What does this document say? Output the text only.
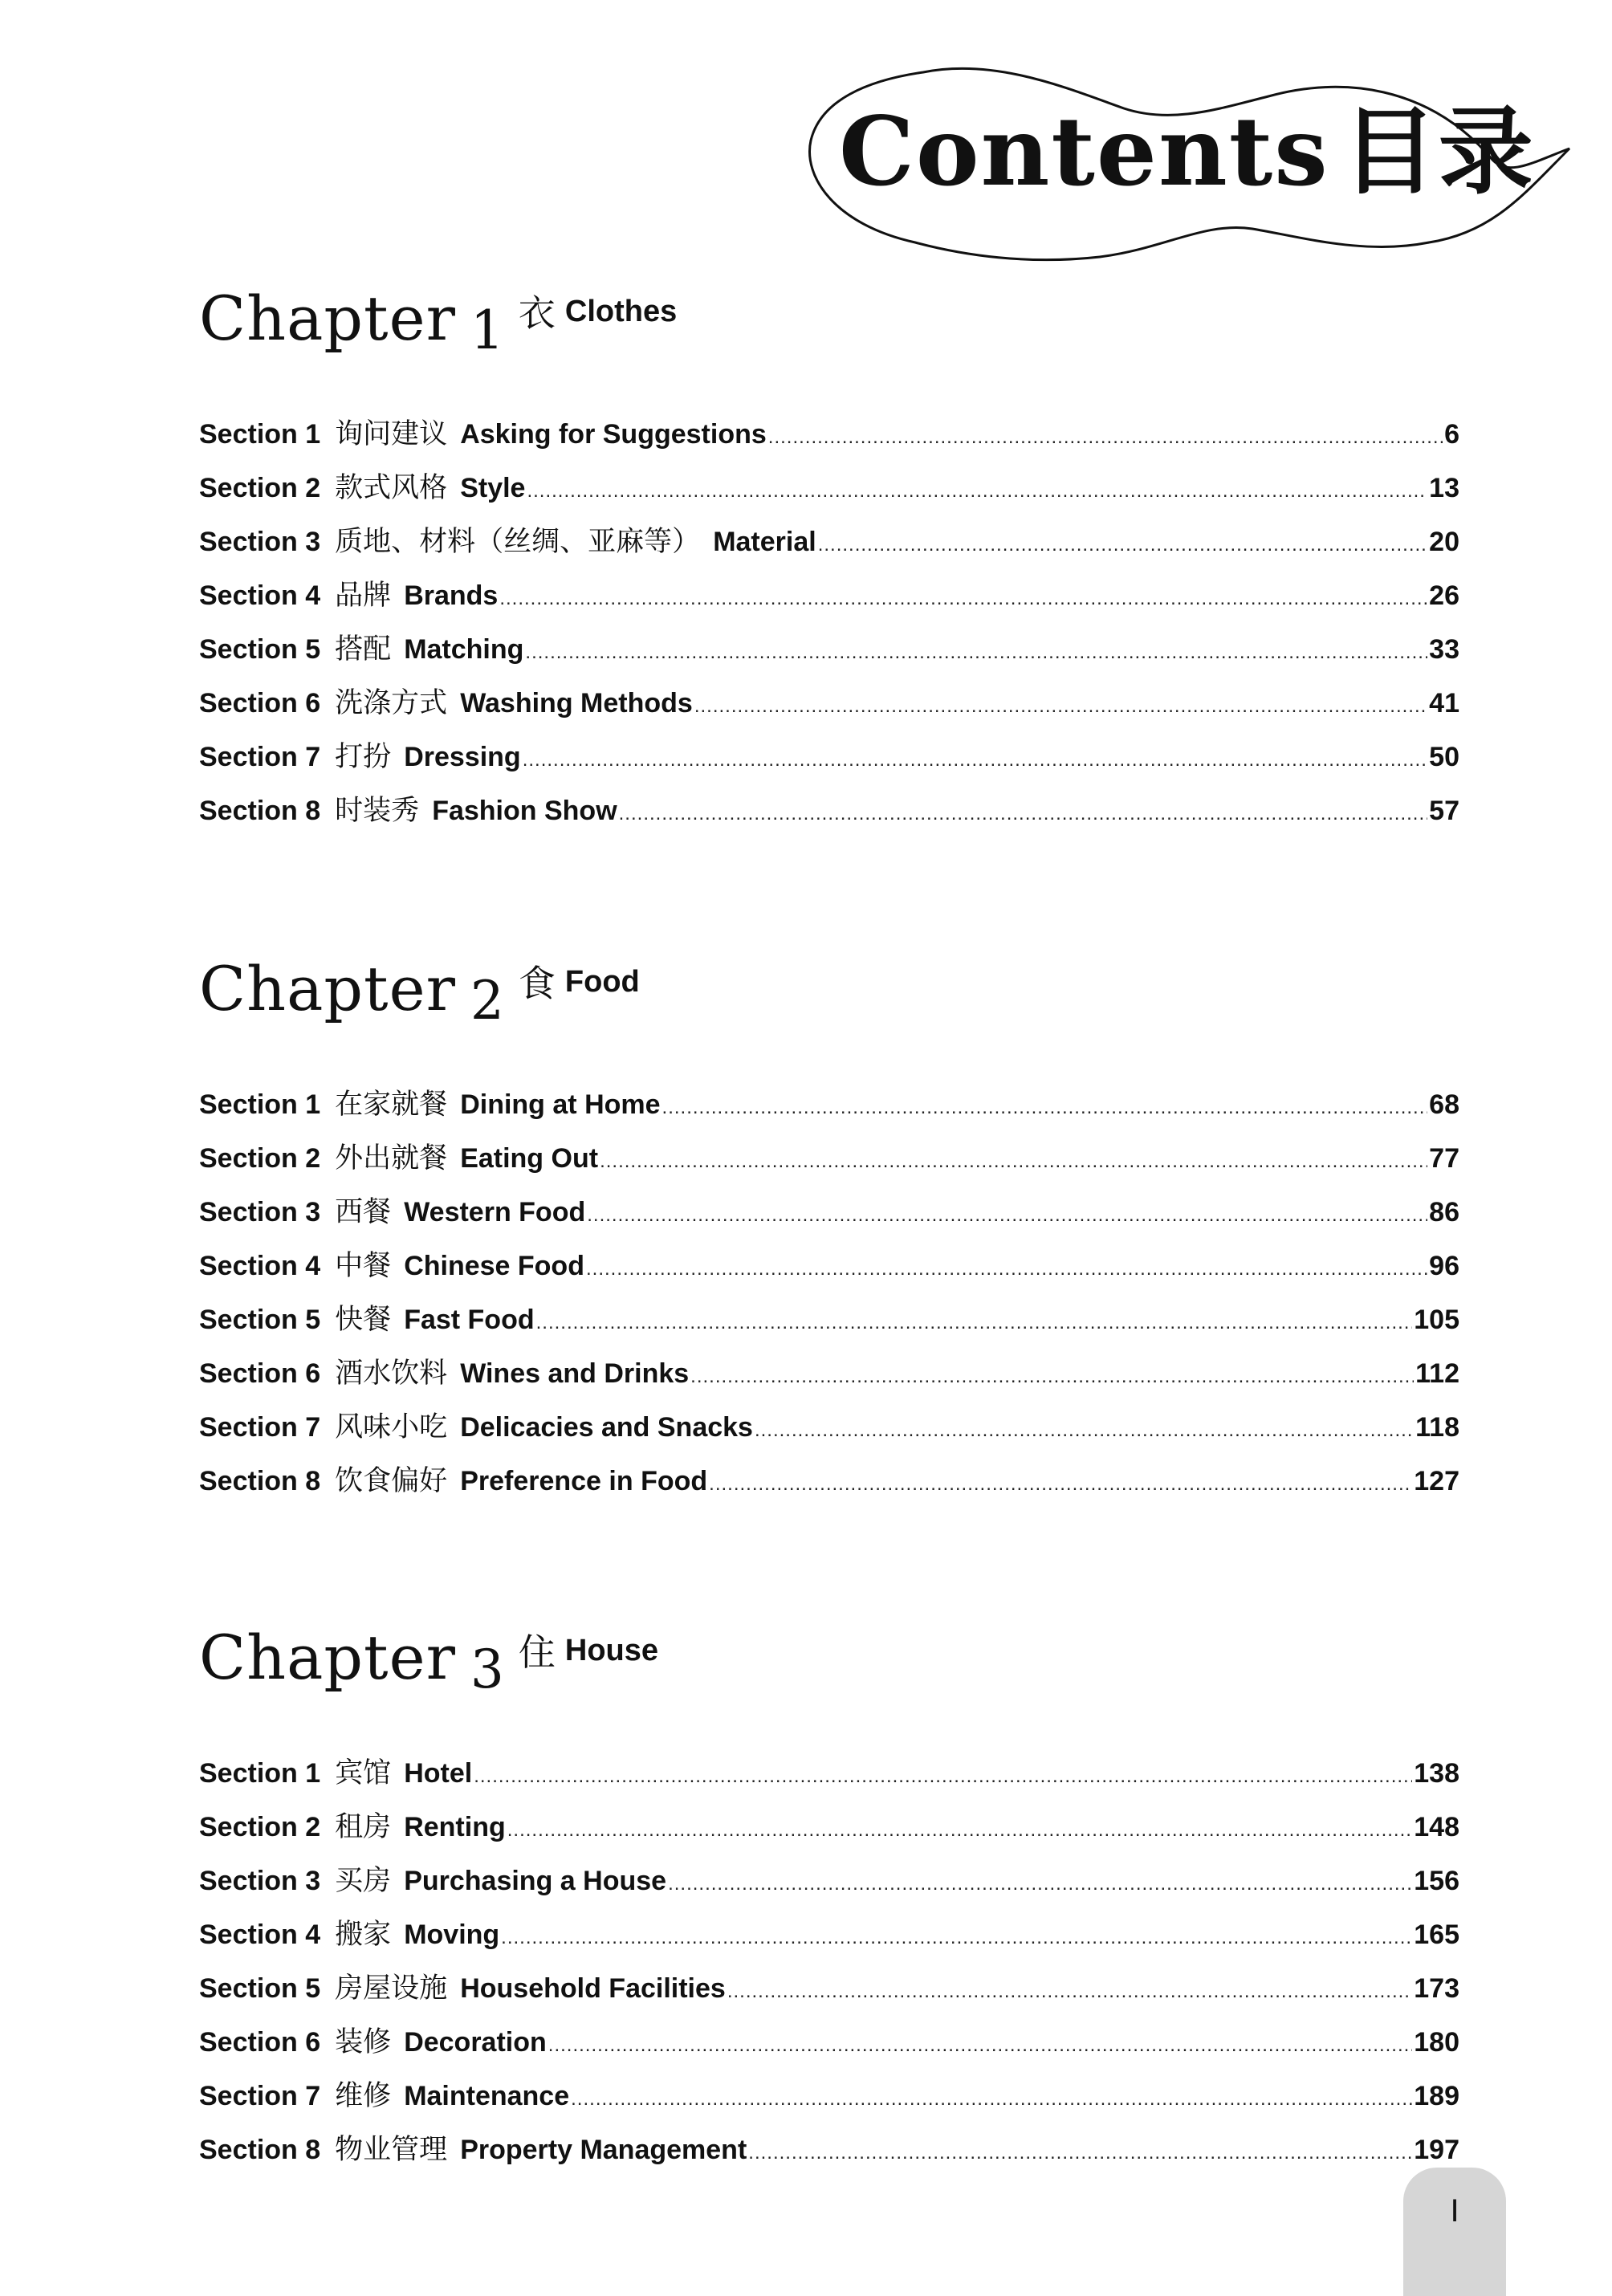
Contents 目录
Chapter 1 衣 Clothes
Section 1 询问建议 Asking for Suggestions .....	6
Section 2 款式风格 Style .....	13
Section 3 质地、材料（丝绸、亚麻等） Material .....	20
Section 4 品牌 Brands .....	26
Section 5 搭配 Matching .....	33
Section 6 洗涤方式 Washing Methods .....	41
Section 7 打扮 Dressing .....	50
Section 8 时装秀 Fashion Show .....	57
Chapter 2 食 Food
Section 1 在家就餐 Dining at Home .....	68
Section 2 外出就餐 Eating Out .....	77
Section 3 西餐 Western Food .....	86
Section 4 中餐 Chinese Food .....	96
Section 5 快餐 Fast Food .....	105
Section 6 酒水饮料 Wines and Drinks .....	112
Section 7 风味小吃 Delicacies and Snacks .....	118
Section 8 饮食偏好 Preference in Food .....	127
Chapter 3 住 House
Section 1 宾馆 Hotel .....	138
Section 2 租房 Renting .....	148
Section 3 买房 Purchasing a House .....	156
Section 4 搬家 Moving .....	165
Section 5 房屋设施 Household Facilities .....	173
Section 6 装修 Decoration .....	180
Section 7 维修 Maintenance .....	189
Section 8 物业管理 Property Management .....	197
I
